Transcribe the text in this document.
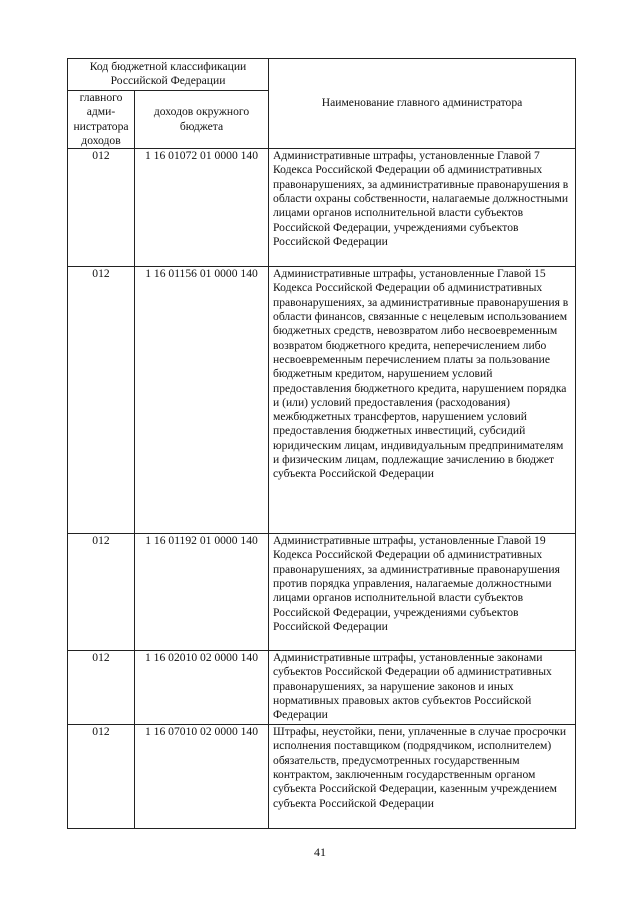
Код бюджетной классификации Российской Федерации		Наименование главного администратора
главного адми-нистратора доходов	доходов окружного бюджета	
012	1 16 01072 01 0000 140	Административные штрафы, установленные Главой 7 Кодекса Российской Федерации об административных правонарушениях, за административные правонарушения в области охраны собственности, налагаемые должностными лицами органов исполнительной власти субъектов Российской Федерации, учреждениями субъектов Российской Федерации
012	1 16 01156 01 0000 140	Административные штрафы, установленные Главой 15 Кодекса Российской Федерации об административных правонарушениях, за административные правонарушения в области финансов, связанные с нецелевым использованием бюджетных средств, невозвратом либо несвоевременным возвратом бюджетного кредита, неперечислением либо несвоевременным перечислением платы за пользование бюджетным кредитом, нарушением условий предоставления бюджетного кредита, нарушением порядка и (или) условий предоставления (расходования) межбюджетных трансфертов, нарушением условий предоставления бюджетных инвестиций, субсидий юридическим лицам, индивидуальным предпринимателям и физическим лицам, подлежащие зачислению в бюджет субъекта Российской Федерации
012	1 16 01192 01 0000 140	Административные штрафы, установленные Главой 19 Кодекса Российской Федерации об административных правонарушениях, за административные правонарушения против порядка управления, налагаемые должностными лицами органов исполнительной власти субъектов Российской Федерации, учреждениями субъектов Российской Федерации
012	1 16 02010 02 0000 140	Административные штрафы, установленные законами субъектов Российской Федерации об административных правонарушениях, за нарушение законов и иных нормативных правовых актов субъектов Российской Федерации
012	1 16 07010 02 0000 140	Штрафы, неустойки, пени, уплаченные в случае просрочки исполнения поставщиком (подрядчиком, исполнителем) обязательств, предусмотренных государственным контрактом, заключенным государственным органом субъекта Российской Федерации, казенным учреждением субъекта Российской Федерации
41
